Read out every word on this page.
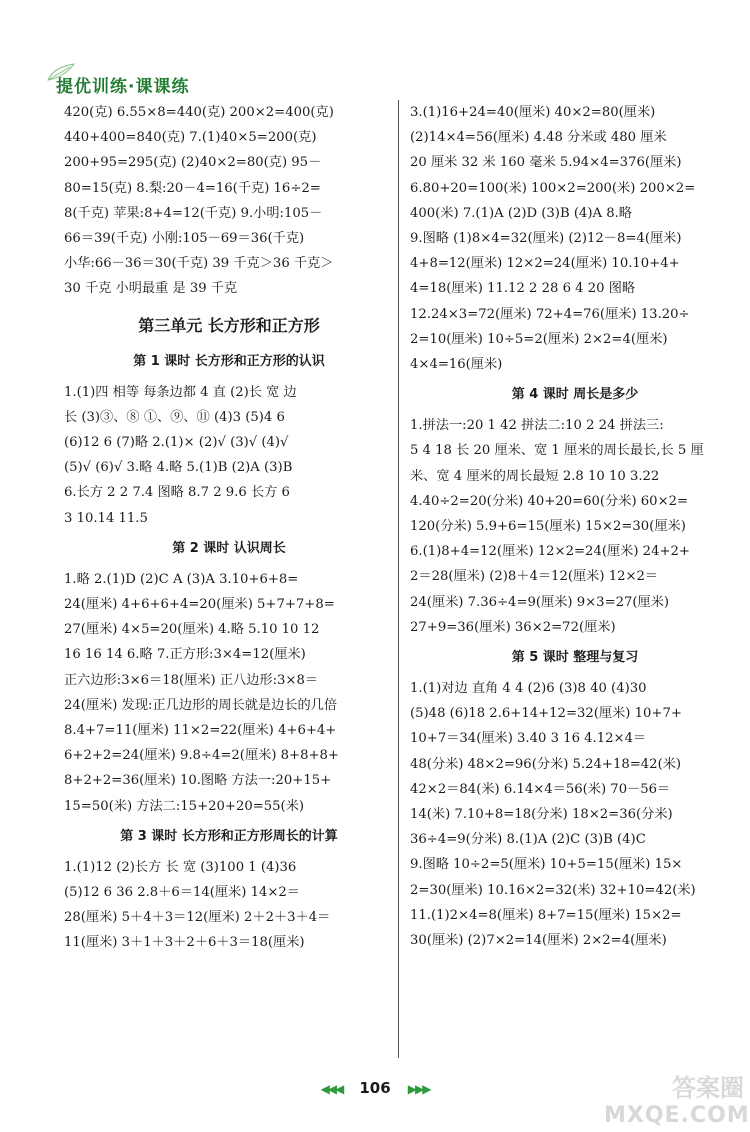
提优训练·课课练
420(克) 6.55×8=440(克) 200×2=400(克)
440+400=840(克) 7.(1)40×5=200(克)
200+95=295(克) (2)40×2=80(克) 95－
80=15(克) 8.梨:20－4=16(千克) 16÷2=
8(千克) 苹果:8+4=12(千克) 9.小明:105－
66＝39(千克) 小刚:105－69＝36(千克)
小华:66－36＝30(千克) 39 千克＞36 千克＞
30 千克 小明最重 是 39 千克
第三单元 长方形和正方形
第 1 课时 长方形和正方形的认识
1.(1)四 相等 每条边都 4 直 (2)长 宽 边
长 (3)③、⑧ ①、⑨、⑪ (4)3 (5)4 6
(6)12 6 (7)略 2.(1)× (2)√ (3)√ (4)√
(5)√ (6)√ 3.略 4.略 5.(1)B (2)A (3)B
6.长方 2 2 7.4 图略 8.7 2 9.6 长方 6
3 10.14 11.5
第 2 课时 认识周长
1.略 2.(1)D (2)C A (3)A 3.10+6+8=
24(厘米) 4+6+6+4=20(厘米) 5+7+7+8=
27(厘米) 4×5=20(厘米) 4.略 5.10 10 12
16 16 14 6.略 7.正方形:3×4=12(厘米)
正六边形:3×6＝18(厘米) 正八边形:3×8＝
24(厘米) 发现:正几边形的周长就是边长的几倍
8.4+7=11(厘米) 11×2=22(厘米) 4+6+4+
6+2+2=24(厘米) 9.8÷4=2(厘米) 8+8+8+
8+2+2=36(厘米) 10.图略 方法一:20+15+
15=50(米) 方法二:15+20+20=55(米)
第 3 课时 长方形和正方形周长的计算
1.(1)12 (2)长方 长 宽 (3)100 1 (4)36
(5)12 6 36 2.8＋6＝14(厘米) 14×2＝
28(厘米) 5＋4＋3＝12(厘米) 2＋2＋3＋4＝
11(厘米) 3＋1＋3＋2＋6＋3＝18(厘米)
3.(1)16+24=40(厘米) 40×2=80(厘米)
(2)14×4=56(厘米) 4.48 分米或 480 厘米
20 厘米 32 米 160 毫米 5.94×4=376(厘米)
6.80+20=100(米) 100×2=200(米) 200×2=
400(米) 7.(1)A (2)D (3)B (4)A 8.略
9.图略 (1)8×4=32(厘米) (2)12－8=4(厘米)
4+8=12(厘米) 12×2=24(厘米) 10.10+4+
4=18(厘米) 11.12 2 28 6 4 20 图略
12.24×3=72(厘米) 72+4=76(厘米) 13.20÷
2=10(厘米) 10÷5=2(厘米) 2×2=4(厘米)
4×4=16(厘米)
第 4 课时 周长是多少
1.拼法一:20 1 42 拼法二:10 2 24 拼法三:
5 4 18 长 20 厘米、宽 1 厘米的周长最长,长 5 厘
米、宽 4 厘米的周长最短 2.8 10 10 3.22
4.40÷2=20(分米) 40+20=60(分米) 60×2=
120(分米) 5.9+6=15(厘米) 15×2=30(厘米)
6.(1)8+4=12(厘米) 12×2=24(厘米) 24+2+
2＝28(厘米) (2)8＋4＝12(厘米) 12×2＝
24(厘米) 7.36÷4=9(厘米) 9×3=27(厘米)
27+9=36(厘米) 36×2=72(厘米)
第 5 课时 整理与复习
1.(1)对边 直角 4 4 (2)6 (3)8 40 (4)30
(5)48 (6)18 2.6+14+12=32(厘米) 10+7+
10+7＝34(厘米) 3.40 3 16 4.12×4＝
48(分米) 48×2=96(分米) 5.24+18=42(米)
42×2＝84(米) 6.14×4＝56(米) 70－56＝
14(米) 7.10+8=18(分米) 18×2=36(分米)
36÷4=9(分米) 8.(1)A (2)C (3)B (4)C
9.图略 10÷2=5(厘米) 10+5=15(厘米) 15×
2=30(厘米) 10.16×2=32(米) 32+10=42(米)
11.(1)2×4=8(厘米) 8+7=15(厘米) 15×2=
30(厘米) (2)7×2=14(厘米) 2×2=4(厘米)
◀◀◀ 106 ▶▶▶	答案圈
MXQE.COM
